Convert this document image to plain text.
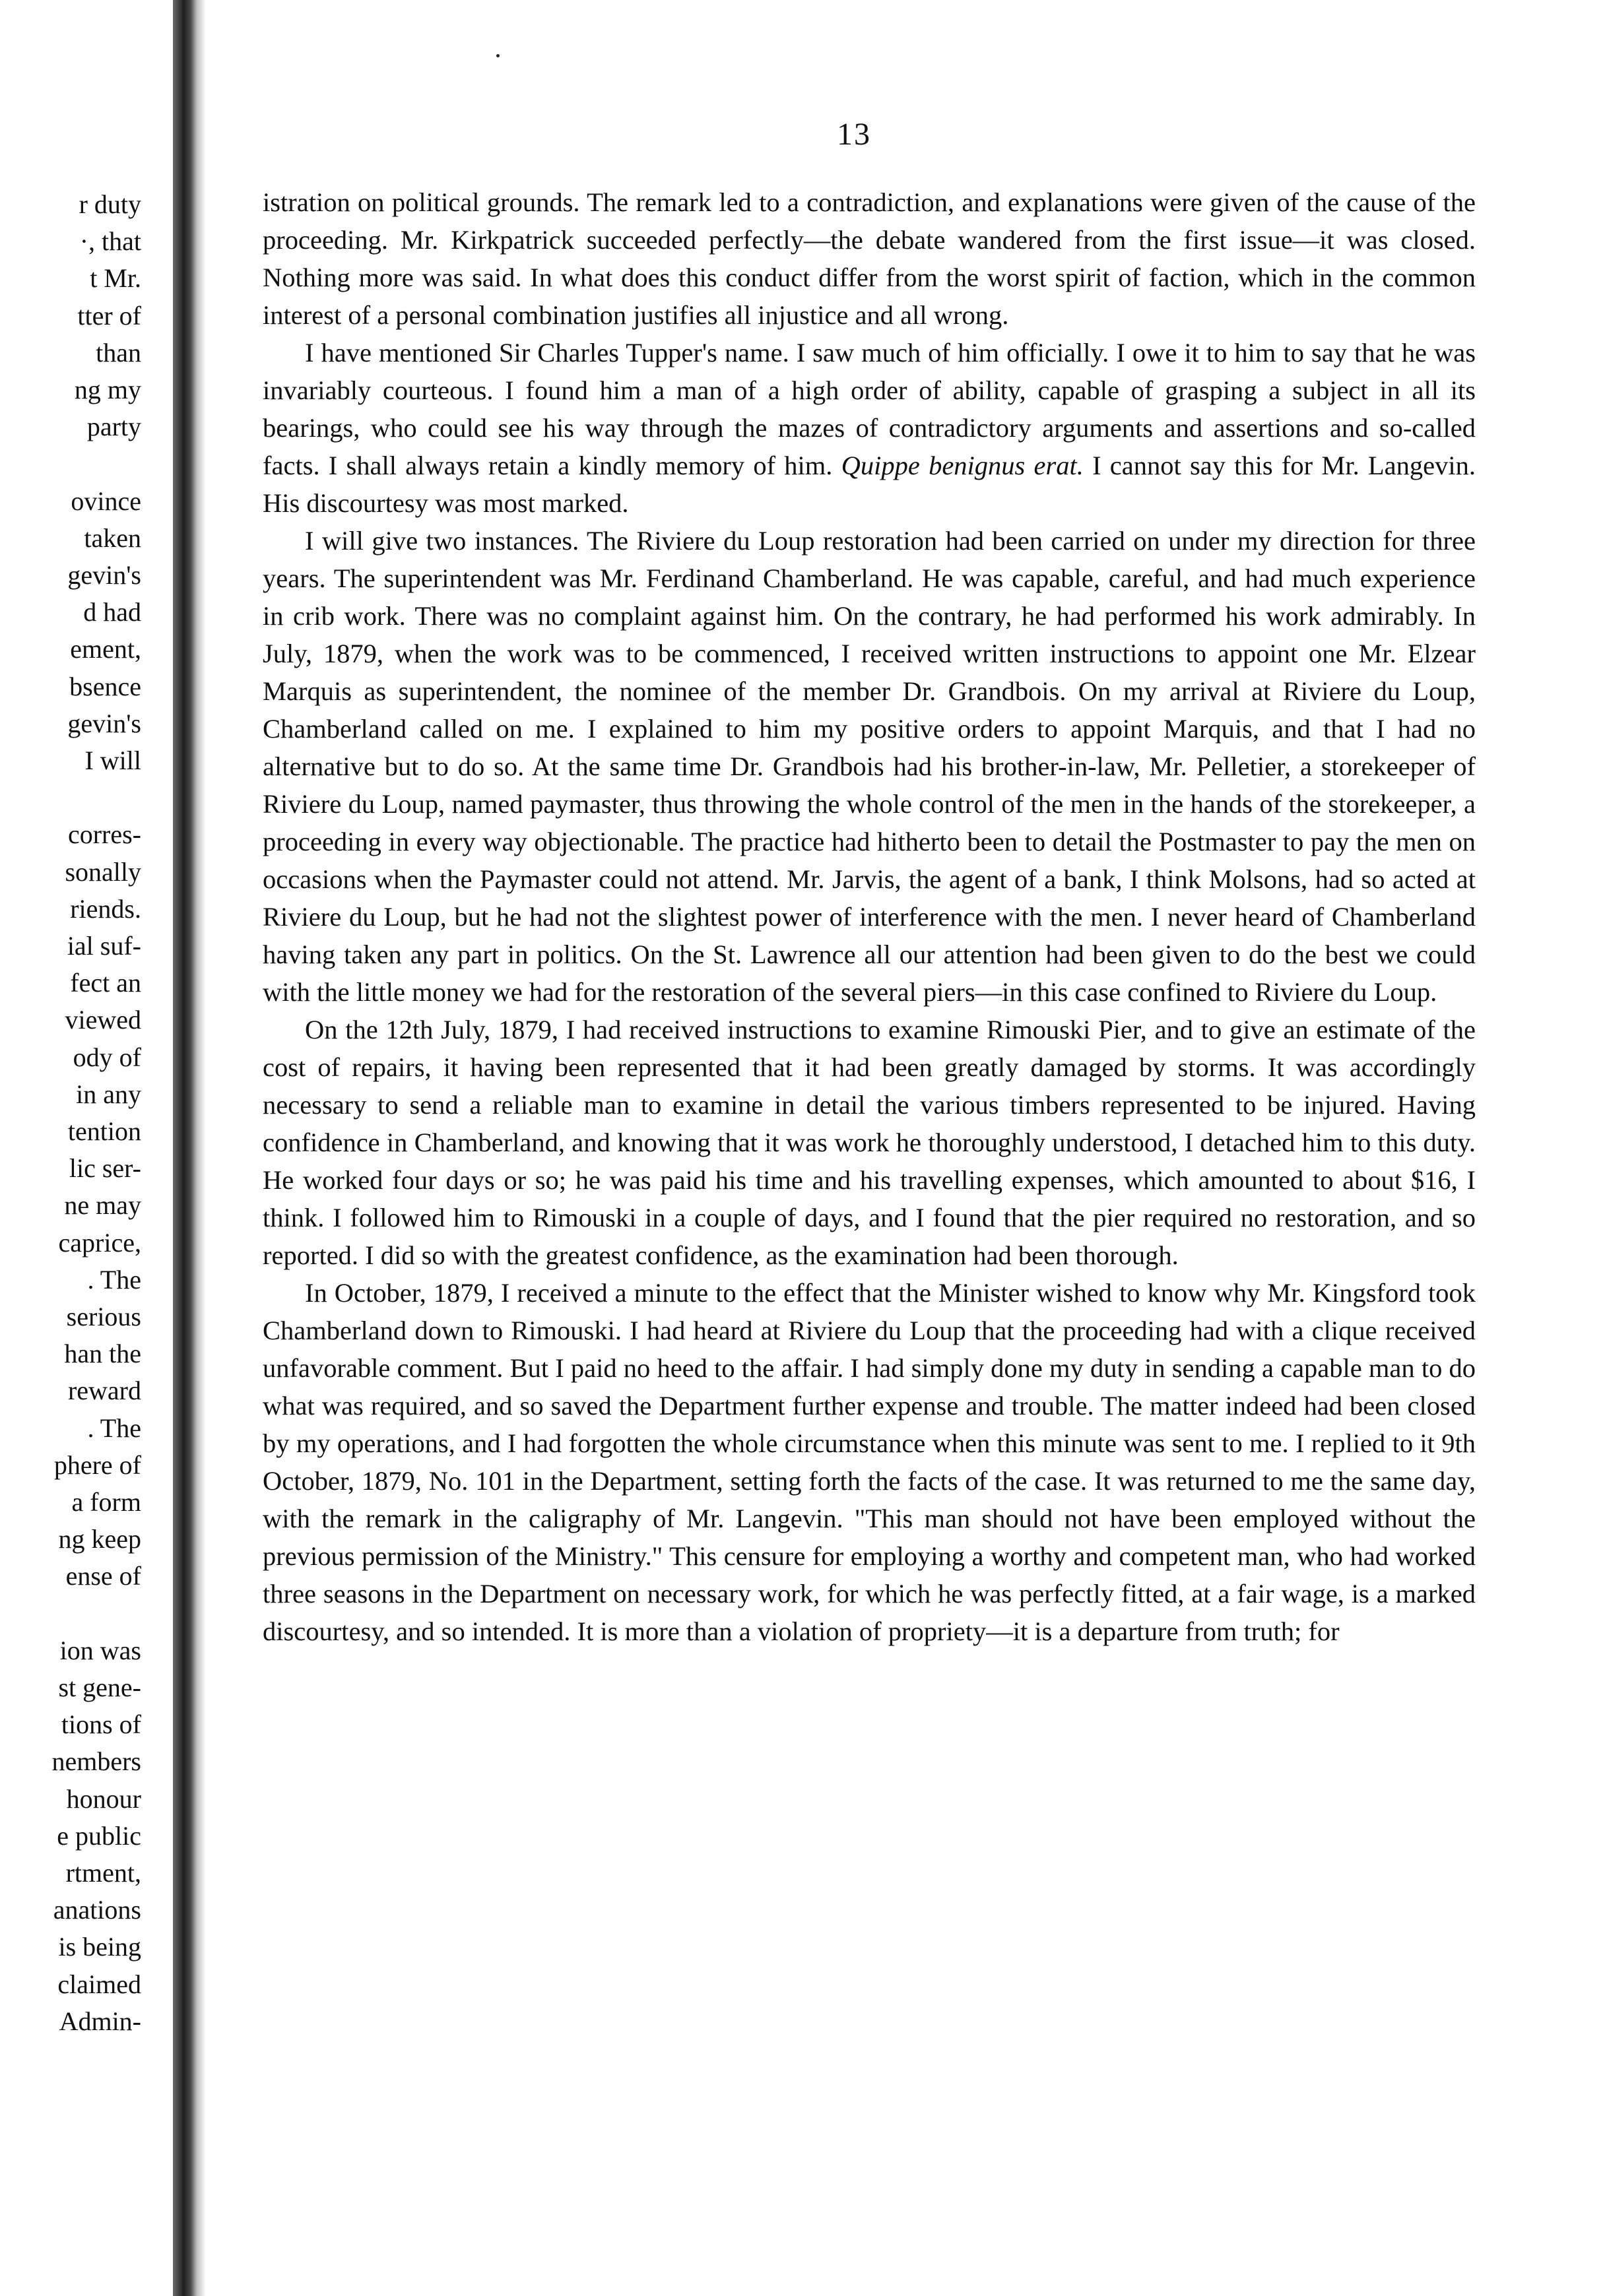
r duty
·, that
t Mr.
tter of
than
ng my
party
ovince
taken
gevin's
d had
ement,
bsence
gevin's
I will
corres-
sonally
riends.
ial suf-
fect an
viewed
ody of
in any
tention
lic ser-
ne may
caprice,
. The
serious
han the
reward
. The
phere of
a form
ng keep
ense of
ion was
st gene-
tions of
nembers
honour
e public
rtment,
anations
is being
claimed
Admin-
13

istration on political grounds. The remark led to a contradiction, and explanations were given of the cause of the proceeding. Mr. Kirkpatrick succeeded perfectly—the debate wandered from the first issue—it was closed. Nothing more was said. In what does this conduct differ from the worst spirit of faction, which in the common interest of a personal combination justifies all injustice and all wrong.

I have mentioned Sir Charles Tupper's name. I saw much of him officially. I owe it to him to say that he was invariably courteous. I found him a man of a high order of ability, capable of grasping a subject in all its bearings, who could see his way through the mazes of contradictory arguments and assertions and so-called facts. I shall always retain a kindly memory of him. Quippe benignus erat. I cannot say this for Mr. Langevin. His discourtesy was most marked.

I will give two instances. The Riviere du Loup restoration had been carried on under my direction for three years. The superintendent was Mr. Ferdinand Chamberland. He was capable, careful, and had much experience in crib work. There was no complaint against him. On the contrary, he had performed his work admirably. In July, 1879, when the work was to be commenced, I received written instructions to appoint one Mr. Elzear Marquis as superintendent, the nominee of the member Dr. Grandbois. On my arrival at Riviere du Loup, Chamberland called on me. I explained to him my positive orders to appoint Marquis, and that I had no alternative but to do so. At the same time Dr. Grandbois had his brother-in-law, Mr. Pelletier, a storekeeper of Riviere du Loup, named paymaster, thus throwing the whole control of the men in the hands of the storekeeper, a proceeding in every way objectionable. The practice had hitherto been to detail the Postmaster to pay the men on occasions when the Paymaster could not attend. Mr. Jarvis, the agent of a bank, I think Molsons, had so acted at Riviere du Loup, but he had not the slightest power of interference with the men. I never heard of Chamberland having taken any part in politics. On the St. Lawrence all our attention had been given to do the best we could with the little money we had for the restoration of the several piers—in this case confined to Riviere du Loup.

On the 12th July, 1879, I had received instructions to examine Rimouski Pier, and to give an estimate of the cost of repairs, it having been represented that it had been greatly damaged by storms. It was accordingly necessary to send a reliable man to examine in detail the various timbers represented to be injured. Having confidence in Chamberland, and knowing that it was work he thoroughly understood, I detached him to this duty. He worked four days or so; he was paid his time and his travelling expenses, which amounted to about $16, I think. I followed him to Rimouski in a couple of days, and I found that the pier required no restoration, and so reported. I did so with the greatest confidence, as the examination had been thorough.

In October, 1879, I received a minute to the effect that the Minister wished to know why Mr. Kingsford took Chamberland down to Rimouski. I had heard at Riviere du Loup that the proceeding had with a clique received unfavorable comment. But I paid no heed to the affair. I had simply done my duty in sending a capable man to do what was required, and so saved the Department further expense and trouble. The matter indeed had been closed by my operations, and I had forgotten the whole circumstance when this minute was sent to me. I replied to it 9th October, 1879, No. 101 in the Department, setting forth the facts of the case. It was returned to me the same day, with the remark in the caligraphy of Mr. Langevin. "This man should not have been employed without the previous permission of the Ministry." This censure for employing a worthy and competent man, who had worked three seasons in the Department on necessary work, for which he was perfectly fitted, at a fair wage, is a marked discourtesy, and so intended. It is more than a violation of propriety—it is a departure from truth; for
